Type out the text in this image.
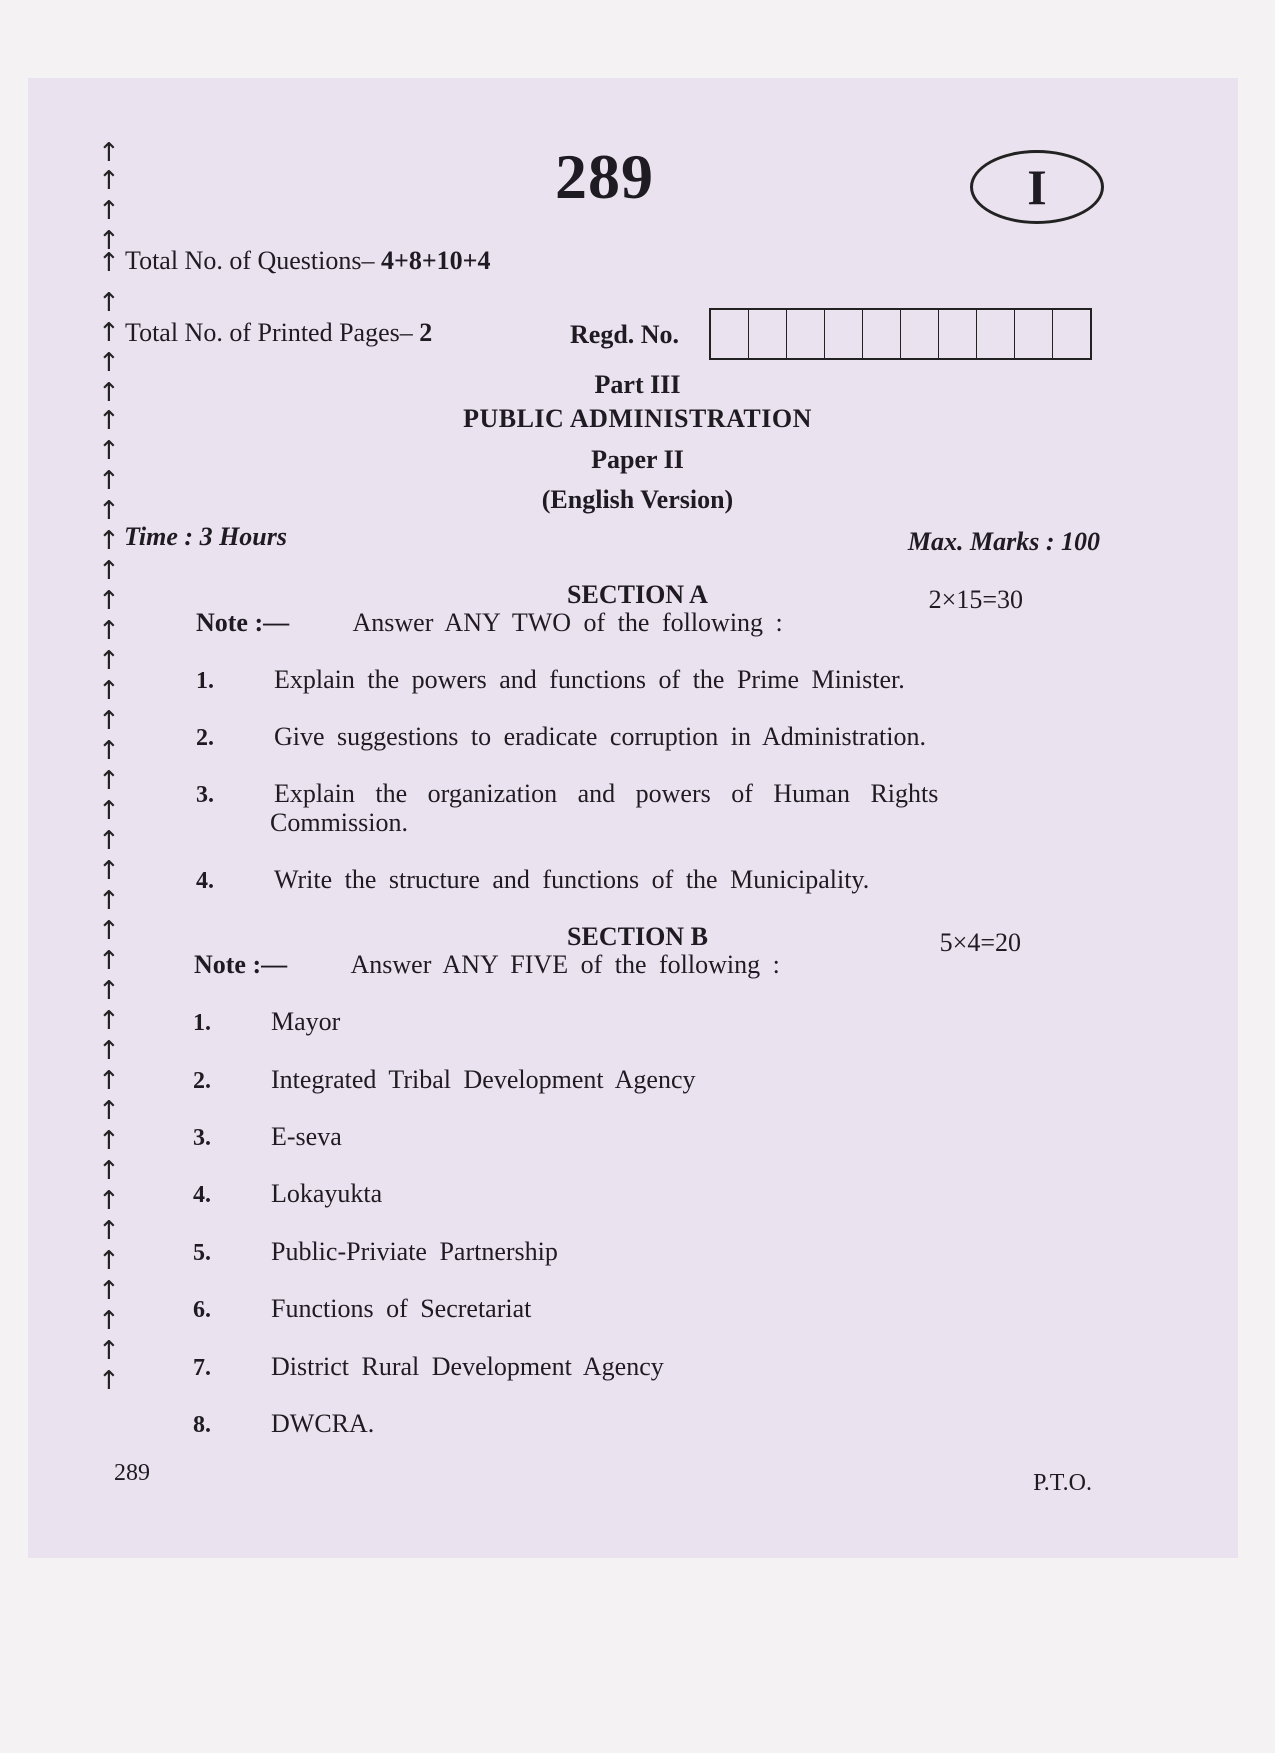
↑
↑
↑
↑
↑
↑
↑
↑
↑
↑
↑
↑
↑
↑
↑
↑
↑
↑
↑
↑
↑
↑
↑
↑
↑
↑
↑
↑
↑
↑
↑
↑
↑
↑
↑
↑
↑
↑
↑
↑
↑
↑
289	I
Total No. of Questions– 4+8+10+4
Total No. of Printed Pages– 2	Regd. No.
Part III
PUBLIC ADMINISTRATION
Paper II
(English Version)
Time : 3 Hours	Max. Marks : 100
SECTION A	2×15=30
Note :— Answer ANY TWO of the following :
1. Explain the powers and functions of the Prime Minister.
2. Give suggestions to eradicate corruption in Administration.
3. Explain the organization and powers of Human Rights
Commission.
4. Write the structure and functions of the Municipality.
SECTION B	5×4=20
Note :— Answer ANY FIVE of the following :
1. Mayor
2. Integrated Tribal Development Agency
3. E-seva
4. Lokayukta
5. Public-Priviate Partnership
6. Functions of Secretariat
7. District Rural Development Agency
8. DWCRA.
289	P.T.O.
